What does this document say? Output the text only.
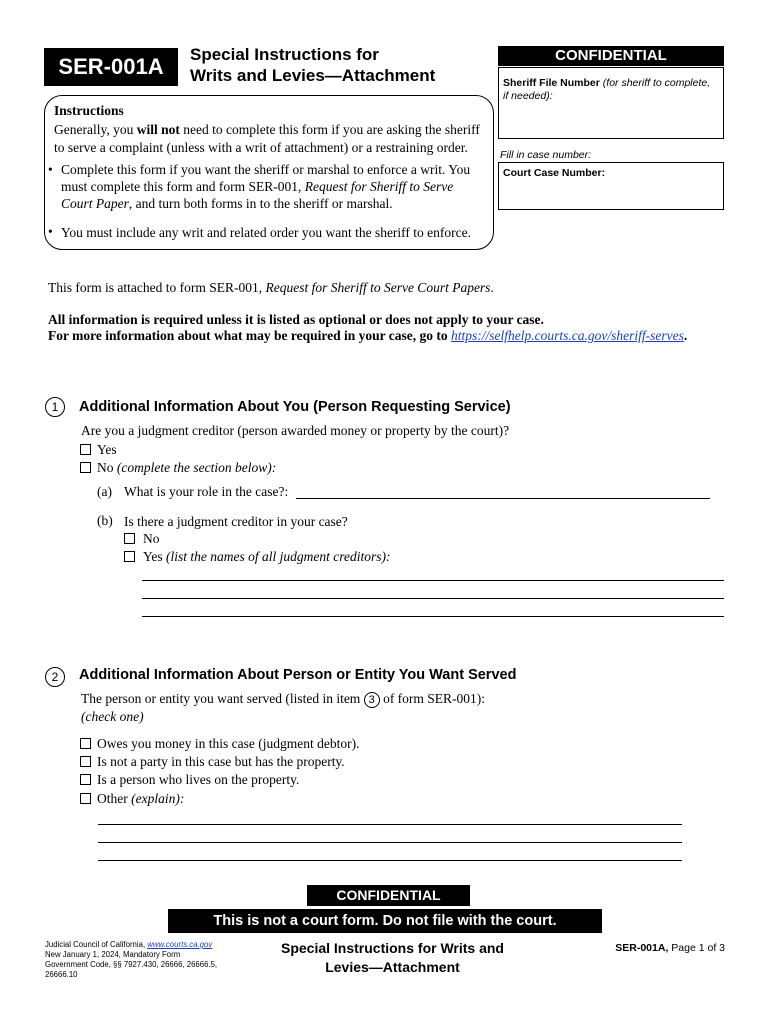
SER-001A	Special Instructions for
Writs and Levies—Attachment
Instructions
Generally, you will not need to complete this form if you are asking the sheriff
to serve a complaint (unless with a writ of attachment) or a restraining order.
• Complete this form if you want the sheriff or marshal to enforce a writ. You
must complete this form and form SER-001, Request for Sheriff to Serve
Court Paper, and turn both forms in to the sheriff or marshal.
• You must include any writ and related order you want the sheriff to enforce.
CONFIDENTIAL
Sheriff File Number (for sheriff to complete, if needed):
Fill in case number:
Court Case Number:
This form is attached to form SER-001, Request for Sheriff to Serve Court Papers.
All information is required unless it is listed as optional or does not apply to your case.
For more information about what may be required in your case, go to https://selfhelp.courts.ca.gov/sheriff-serves.
1	Additional Information About You (Person Requesting Service)
Are you a judgment creditor (person awarded money or property by the court)?
Yes
No (complete the section below):
(a) What is your role in the case?:
(b) Is there a judgment creditor in your case?
No
Yes (list the names of all judgment creditors):
2	Additional Information About Person or Entity You Want Served
The person or entity you want served (listed in item 3 of form SER-001):
(check one)
Owes you money in this case (judgment debtor).
Is not a party in this case but has the property.
Is a person who lives on the property.
Other (explain):
CONFIDENTIAL
This is not a court form. Do not file with the court.
Judicial Council of California, www.courts.ca.gov
New January 1, 2024, Mandatory Form
Government Code, §§ 7927.430, 26666, 26666.5,
26666.10
Special Instructions for Writs and
Levies—Attachment
SER-001A, Page 1 of 3
